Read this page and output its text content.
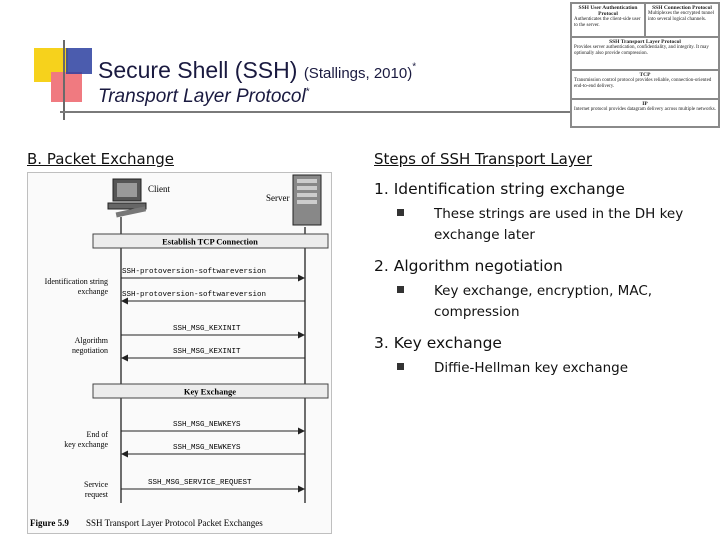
Secure Shell (SSH) (Stallings, 2010)*
Transport Layer Protocol*
SSH User Authentication Protocol
Authenticates the client-side user to the server.
SSH Connection Protocol
Multiplexes the encrypted tunnel into several logical channels.
SSH Transport Layer Protocol
Provides server authentication, confidentiality, and integrity. It may optionally also provide compression.
TCP
Transmission control protocol provides reliable, connection-oriented end-to-end delivery.
IP
Internet protocol provides datagram delivery across multiple networks.
B. Packet Exchange	Steps of SSH Transport Layer
1. Identification string exchange
These strings are used in the DH key exchange later
2. Algorithm negotiation
Key exchange, encryption, MAC, compression
3. Key exchange
Diffie-Hellman key exchange
Client
Server
Establish TCP Connection
SSH-protoversion-softwareversion
SSH-protoversion-softwareversion
Identification string
exchange
SSH_MSG_KEXINIT
SSH_MSG_KEXINIT
Algorithm
negotiation
Key Exchange
SSH_MSG_NEWKEYS
SSH_MSG_NEWKEYS
End of
key exchange
SSH_MSG_SERVICE_REQUEST
Service
request
Figure 5.9 SSH Transport Layer Protocol Packet Exchanges
